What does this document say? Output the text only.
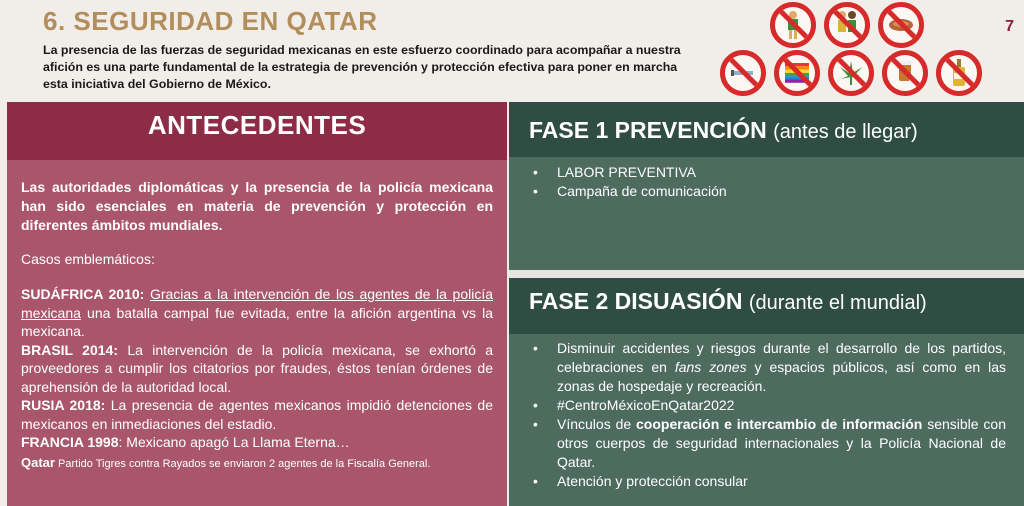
6. SEGURIDAD EN QATAR
La presencia de las fuerzas de seguridad mexicanas en este esfuerzo coordinado para acompañar a nuestra afición es una parte fundamental de la estrategia de prevención y protección efectiva para poner en marcha esta iniciativa del Gobierno de México.
7
ANTECEDENTES
Las autoridades diplomáticas y la presencia de la policía mexicana han sido esenciales en materia de prevención y protección en diferentes ámbitos mundiales.
Casos emblemáticos:
SUDÁFRICA 2010: Gracias a la intervención de los agentes de la policía mexicana una batalla campal fue evitada, entre la afición argentina vs la mexicana.
BRASIL 2014: La intervención de la policía mexicana, se exhortó a proveedores a cumplir los citatorios por fraudes, éstos tenían órdenes de aprehensión de la autoridad local.
RUSIA 2018: La presencia de agentes mexicanos impidió detenciones de mexicanos en inmediaciones del estadio.
FRANCIA 1998: Mexicano apagó La Llama Eterna…
Qatar Partido Tigres contra Rayados se enviaron 2 agentes de la Fiscalía General.
FASE 1 PREVENCIÓN (antes de llegar)
• LABOR PREVENTIVA
• Campaña de comunicación
FASE 2 DISUASIÓN (durante el mundial)
• Disminuir accidentes y riesgos durante el desarrollo de los partidos, celebraciones en fans zones y espacios públicos, así como en las zonas de hospedaje y recreación.
• #CentroMéxicoEnQatar2022
• Vínculos de cooperación e intercambio de información sensible con otros cuerpos de seguridad internacionales y la Policía Nacional de Qatar.
• Atención y protección consular
